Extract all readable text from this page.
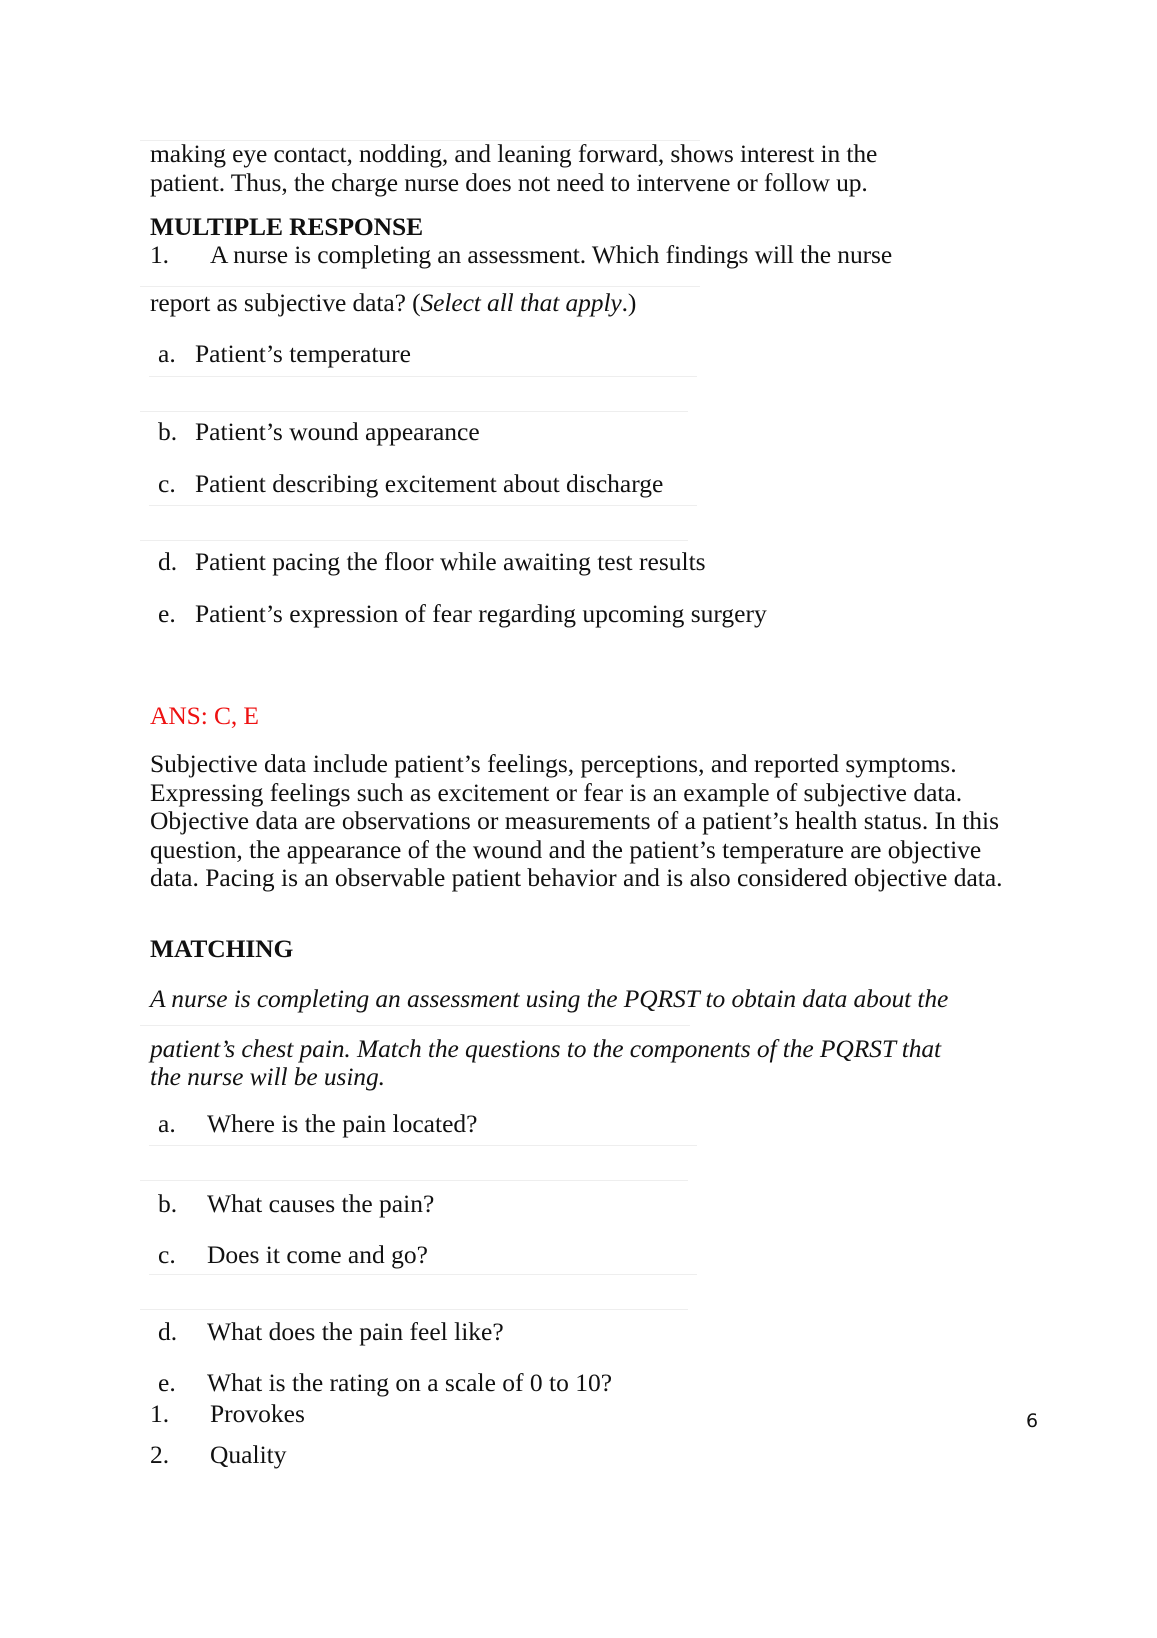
making eye contact, nodding, and leaning forward, shows interest in the
patient. Thus, the charge nurse does not need to intervene or follow up.
MULTIPLE RESPONSE
1. A nurse is completing an assessment. Which findings will the nurse
report as subjective data? (Select all that apply.)
a. Patient’s temperature
b. Patient’s wound appearance
c. Patient describing excitement about discharge
d. Patient pacing the floor while awaiting test results
e. Patient’s expression of fear regarding upcoming surgery
ANS: C, E
Subjective data include patient’s feelings, perceptions, and reported symptoms. Expressing feelings such as excitement or fear is an example of subjective data. Objective data are observations or measurements of a patient’s health status. In this question, the appearance of the wound and the patient’s temperature are objective data. Pacing is an observable patient behavior and is also considered objective data.
MATCHING
A nurse is completing an assessment using the PQRST to obtain data about the
patient’s chest pain. Match the questions to the components of the PQRST that
the nurse will be using.
a. Where is the pain located?
b. What causes the pain?
c. Does it come and go?
d. What does the pain feel like?
e. What is the rating on a scale of 0 to 10?
1. Provokes
2. Quality
6
